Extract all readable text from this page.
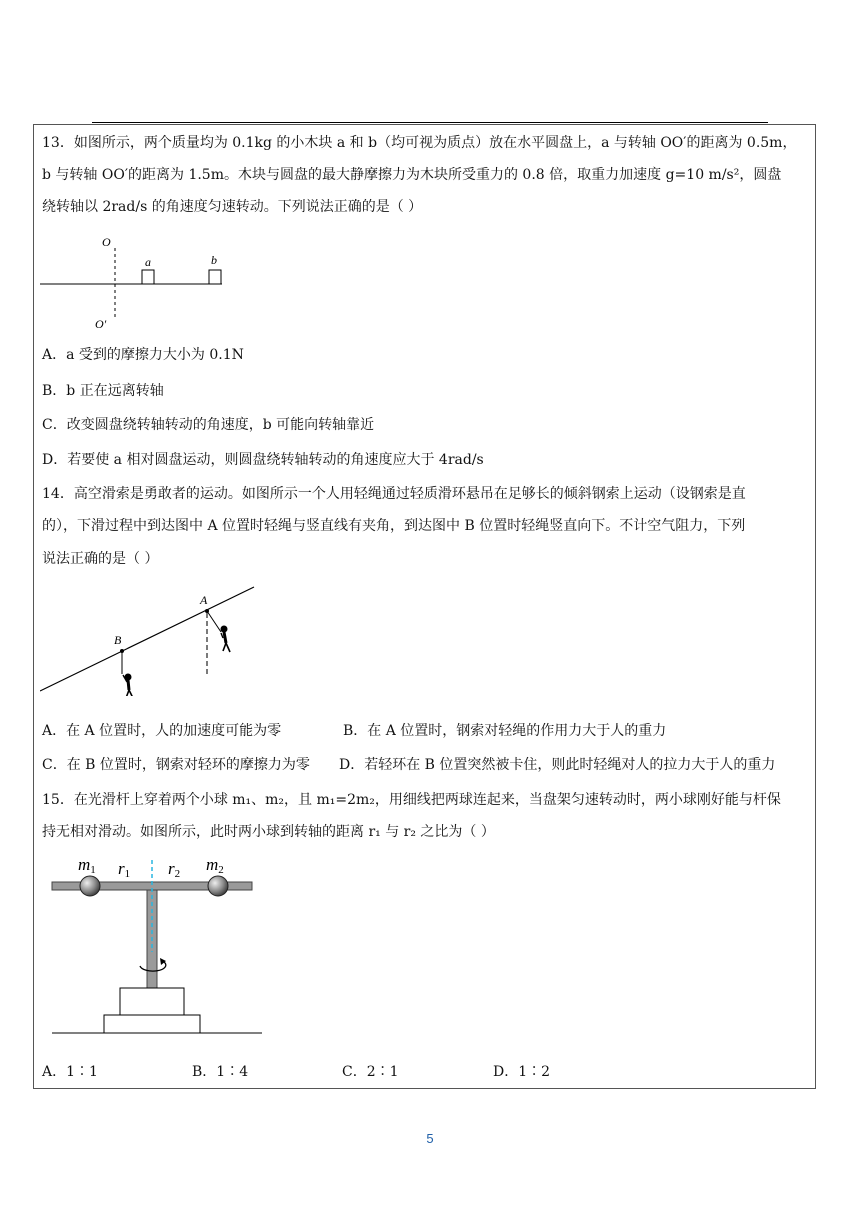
13．如图所示，两个质量均为 0.1kg 的小木块 a 和 b（均可视为质点）放在水平圆盘上，a 与转轴 OO′的距离为 0.5m，
b 与转轴 OO′的距离为 1.5m。木块与圆盘的最大静摩擦力为木块所受重力的 0.8 倍，取重力加速度 g=10 m/s²，圆盘
绕转轴以 2rad/s 的角速度匀速转动。下列说法正确的是（ ）
O
O′
a	b
A．a 受到的摩擦力大小为 0.1N
B．b 正在远离转轴
C．改变圆盘绕转轴转动的角速度，b 可能向转轴靠近
D．若要使 a 相对圆盘运动，则圆盘绕转轴转动的角速度应大于 4rad/s
14．高空滑索是勇敢者的运动。如图所示一个人用轻绳通过轻质滑环悬吊在足够长的倾斜钢索上运动（设钢索是直
的），下滑过程中到达图中 A 位置时轻绳与竖直线有夹角，到达图中 B 位置时轻绳竖直向下。不计空气阻力，下列
说法正确的是（ ）
A
B
A．在 A 位置时，人的加速度可能为零	B．在 A 位置时，钢索对轻绳的作用力大于人的重力
C．在 B 位置时，钢索对轻环的摩擦力为零 D．若轻环在 B 位置突然被卡住，则此时轻绳对人的拉力大于人的重力
15．在光滑杆上穿着两个小球 m₁、m₂，且 m₁=2m₂，用细线把两球连起来，当盘架匀速转动时，两小球刚好能与杆保
持无相对滑动。如图所示，此时两小球到转轴的距离 r₁ 与 r₂ 之比为（ ）
m1 r1 r2 m2
A．1∶1	B．1∶4	C．2∶1	D．1∶2
5
